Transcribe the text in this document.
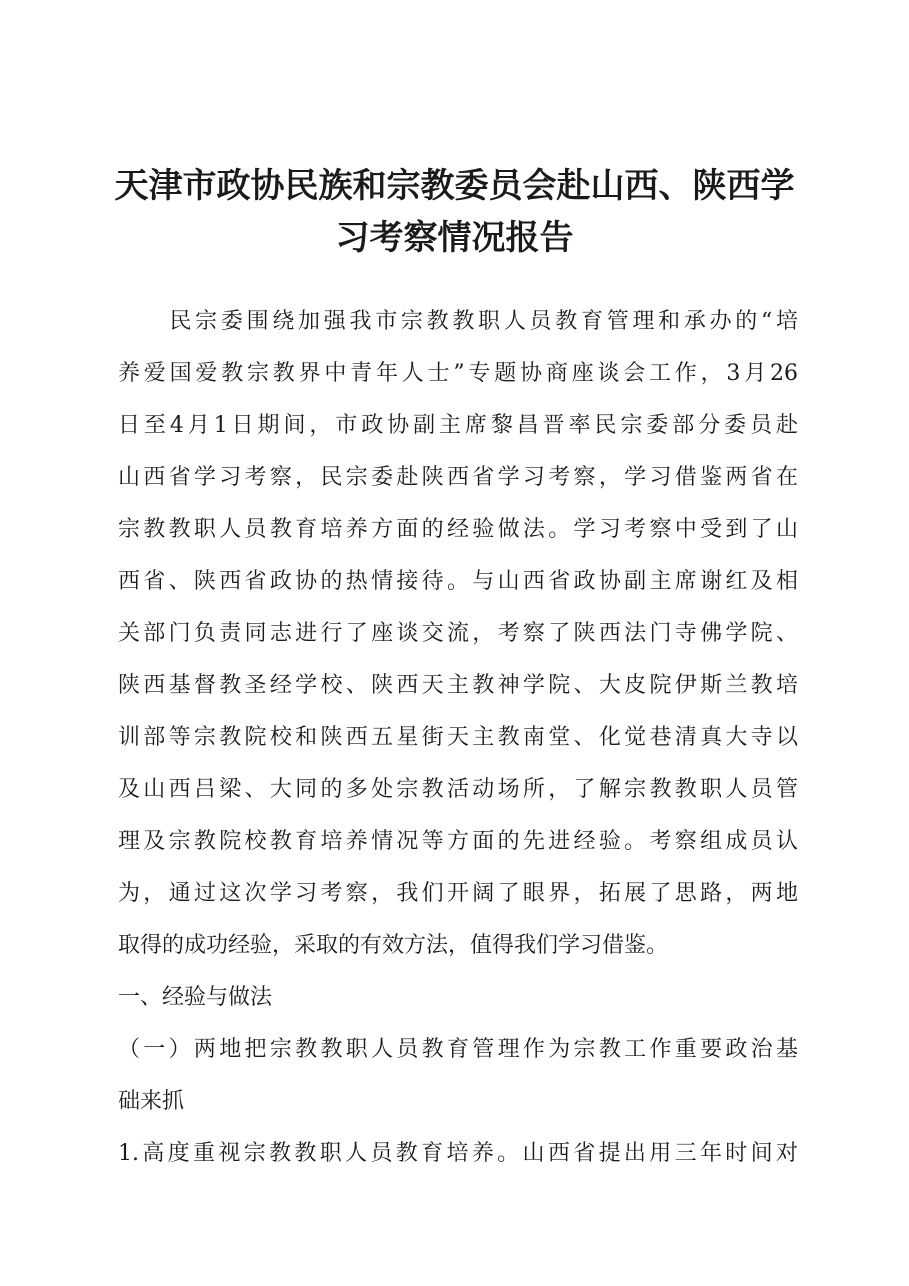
天津市政协民族和宗教委员会赴山西、陕西学
习考察情况报告
　　民宗委围绕加强我市宗教教职人员教育管理和承办的“培
养爱国爱教宗教界中青年人士”专题协商座谈会工作，3月26
日至4月1日期间，市政协副主席黎昌晋率民宗委部分委员赴
山西省学习考察，民宗委赴陕西省学习考察，学习借鉴两省在
宗教教职人员教育培养方面的经验做法。学习考察中受到了山
西省、陕西省政协的热情接待。与山西省政协副主席谢红及相
关部门负责同志进行了座谈交流，考察了陕西法门寺佛学院、
陕西基督教圣经学校、陕西天主教神学院、大皮院伊斯兰教培
训部等宗教院校和陕西五星街天主教南堂、化觉巷清真大寺以
及山西吕梁、大同的多处宗教活动场所，了解宗教教职人员管
理及宗教院校教育培养情况等方面的先进经验。考察组成员认
为，通过这次学习考察，我们开阔了眼界，拓展了思路，两地
取得的成功经验，采取的有效方法，值得我们学习借鉴。
一、经验与做法
（一）两地把宗教教职人员教育管理作为宗教工作重要政治基
础来抓
1.高度重视宗教教职人员教育培养。山西省提出用三年时间对
